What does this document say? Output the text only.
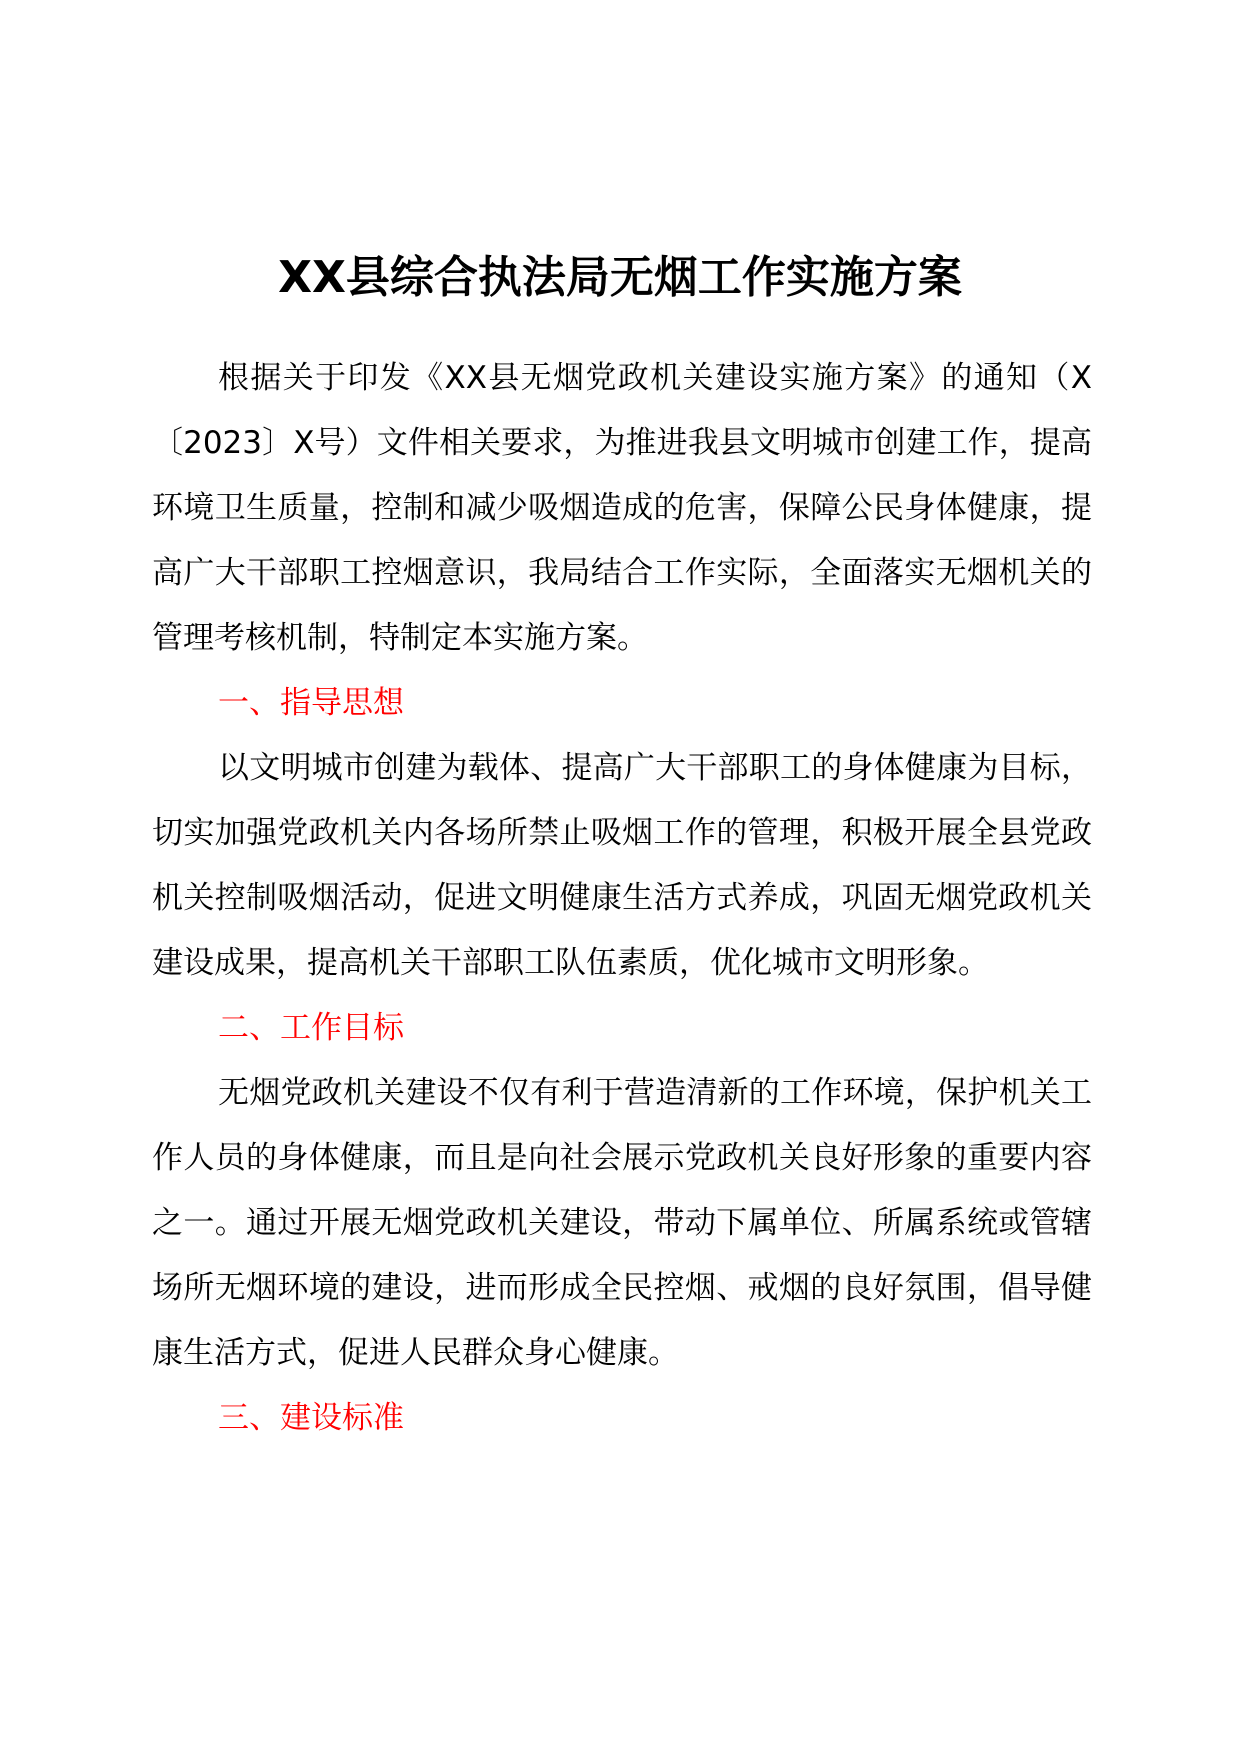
XX县综合执法局无烟工作实施方案

根据关于印发《XX县无烟党政机关建设实施方案》的通知（X〔2023〕X号）文件相关要求，为推进我县文明城市创建工作，提高环境卫生质量，控制和减少吸烟造成的危害，保障公民身体健康，提高广大干部职工控烟意识，我局结合工作实际，全面落实无烟机关的管理考核机制，特制定本实施方案。

一、指导思想

以文明城市创建为载体、提高广大干部职工的身体健康为目标，切实加强党政机关内各场所禁止吸烟工作的管理，积极开展全县党政机关控制吸烟活动，促进文明健康生活方式养成，巩固无烟党政机关建设成果，提高机关干部职工队伍素质，优化城市文明形象。

二、工作目标

无烟党政机关建设不仅有利于营造清新的工作环境，保护机关工作人员的身体健康，而且是向社会展示党政机关良好形象的重要内容之一。通过开展无烟党政机关建设，带动下属单位、所属系统或管辖场所无烟环境的建设，进而形成全民控烟、戒烟的良好氛围，倡导健康生活方式，促进人民群众身心健康。

三、建设标准
